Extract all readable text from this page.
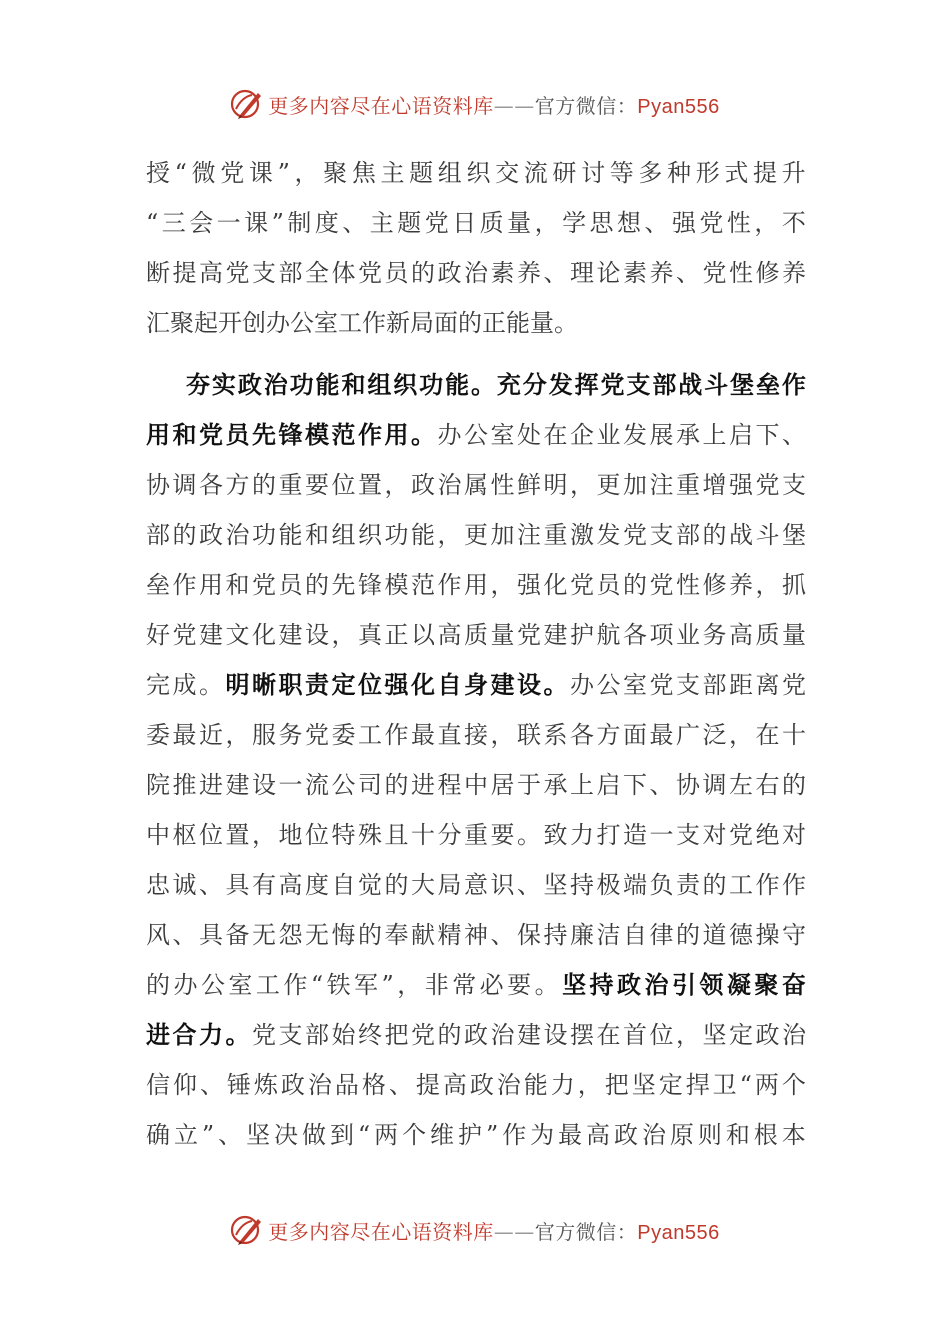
更多内容尽在心语资料库——官方微信：Pyan556
授 “ 微 党 课 ” ， 聚 焦 主 题 组 织 交 流 研 讨 等 多 种 形 式 提 升
“ 三 会 一 课 ” 制 度 、 主 题 党 日 质 量 ， 学 思 想 、 强 党 性 ， 不
断 提 高 党 支 部 全 体 党 员 的 政 治 素 养 、 理 论 素 养 、 党 性 修 养
汇 聚 起 开 创 办 公 室 工 作 新 局 面 的 正 能 量 。
夯 实 政 治 功 能 和 组 织 功 能 。 充 分 发 挥 党 支 部 战 斗 堡 垒 作
用 和 党 员 先 锋 模 范 作 用 。 办 公 室 处 在 企 业 发 展 承 上 启 下 、
协 调 各 方 的 重 要 位 置 ， 政 治 属 性 鲜 明 ， 更 加 注 重 增 强 党 支
部 的 政 治 功 能 和 组 织 功 能 ， 更 加 注 重 激 发 党 支 部 的 战 斗 堡
垒 作 用 和 党 员 的 先 锋 模 范 作 用 ， 强 化 党 员 的 党 性 修 养 ， 抓
好 党 建 文 化 建 设 ， 真 正 以 高 质 量 党 建 护 航 各 项 业 务 高 质 量
完 成 。 明 晰 职 责 定 位 强 化 自 身 建 设 。 办 公 室 党 支 部 距 离 党
委 最 近 ， 服 务 党 委 工 作 最 直 接 ， 联 系 各 方 面 最 广 泛 ， 在 十
院 推 进 建 设 一 流 公 司 的 进 程 中 居 于 承 上 启 下 、 协 调 左 右 的
中 枢 位 置 ， 地 位 特 殊 且 十 分 重 要 。 致 力 打 造 一 支 对 党 绝 对
忠 诚 、 具 有 高 度 自 觉 的 大 局 意 识 、 坚 持 极 端 负 责 的 工 作 作
风 、 具 备 无 怨 无 悔 的 奉 献 精 神 、 保 持 廉 洁 自 律 的 道 德 操 守
的 办 公 室 工 作 “ 铁 军 ” ， 非 常 必 要 。 坚 持 政 治 引 领 凝 聚 奋
进 合 力 。 党 支 部 始 终 把 党 的 政 治 建 设 摆 在 首 位 ， 坚 定 政 治
信 仰 、 锤 炼 政 治 品 格 、 提 高 政 治 能 力 ， 把 坚 定 捍 卫 “ 两 个
确 立 ” 、 坚 决 做 到 “ 两 个 维 护 ” 作 为 最 高 政 治 原 则 和 根 本
更多内容尽在心语资料库——官方微信：Pyan556
